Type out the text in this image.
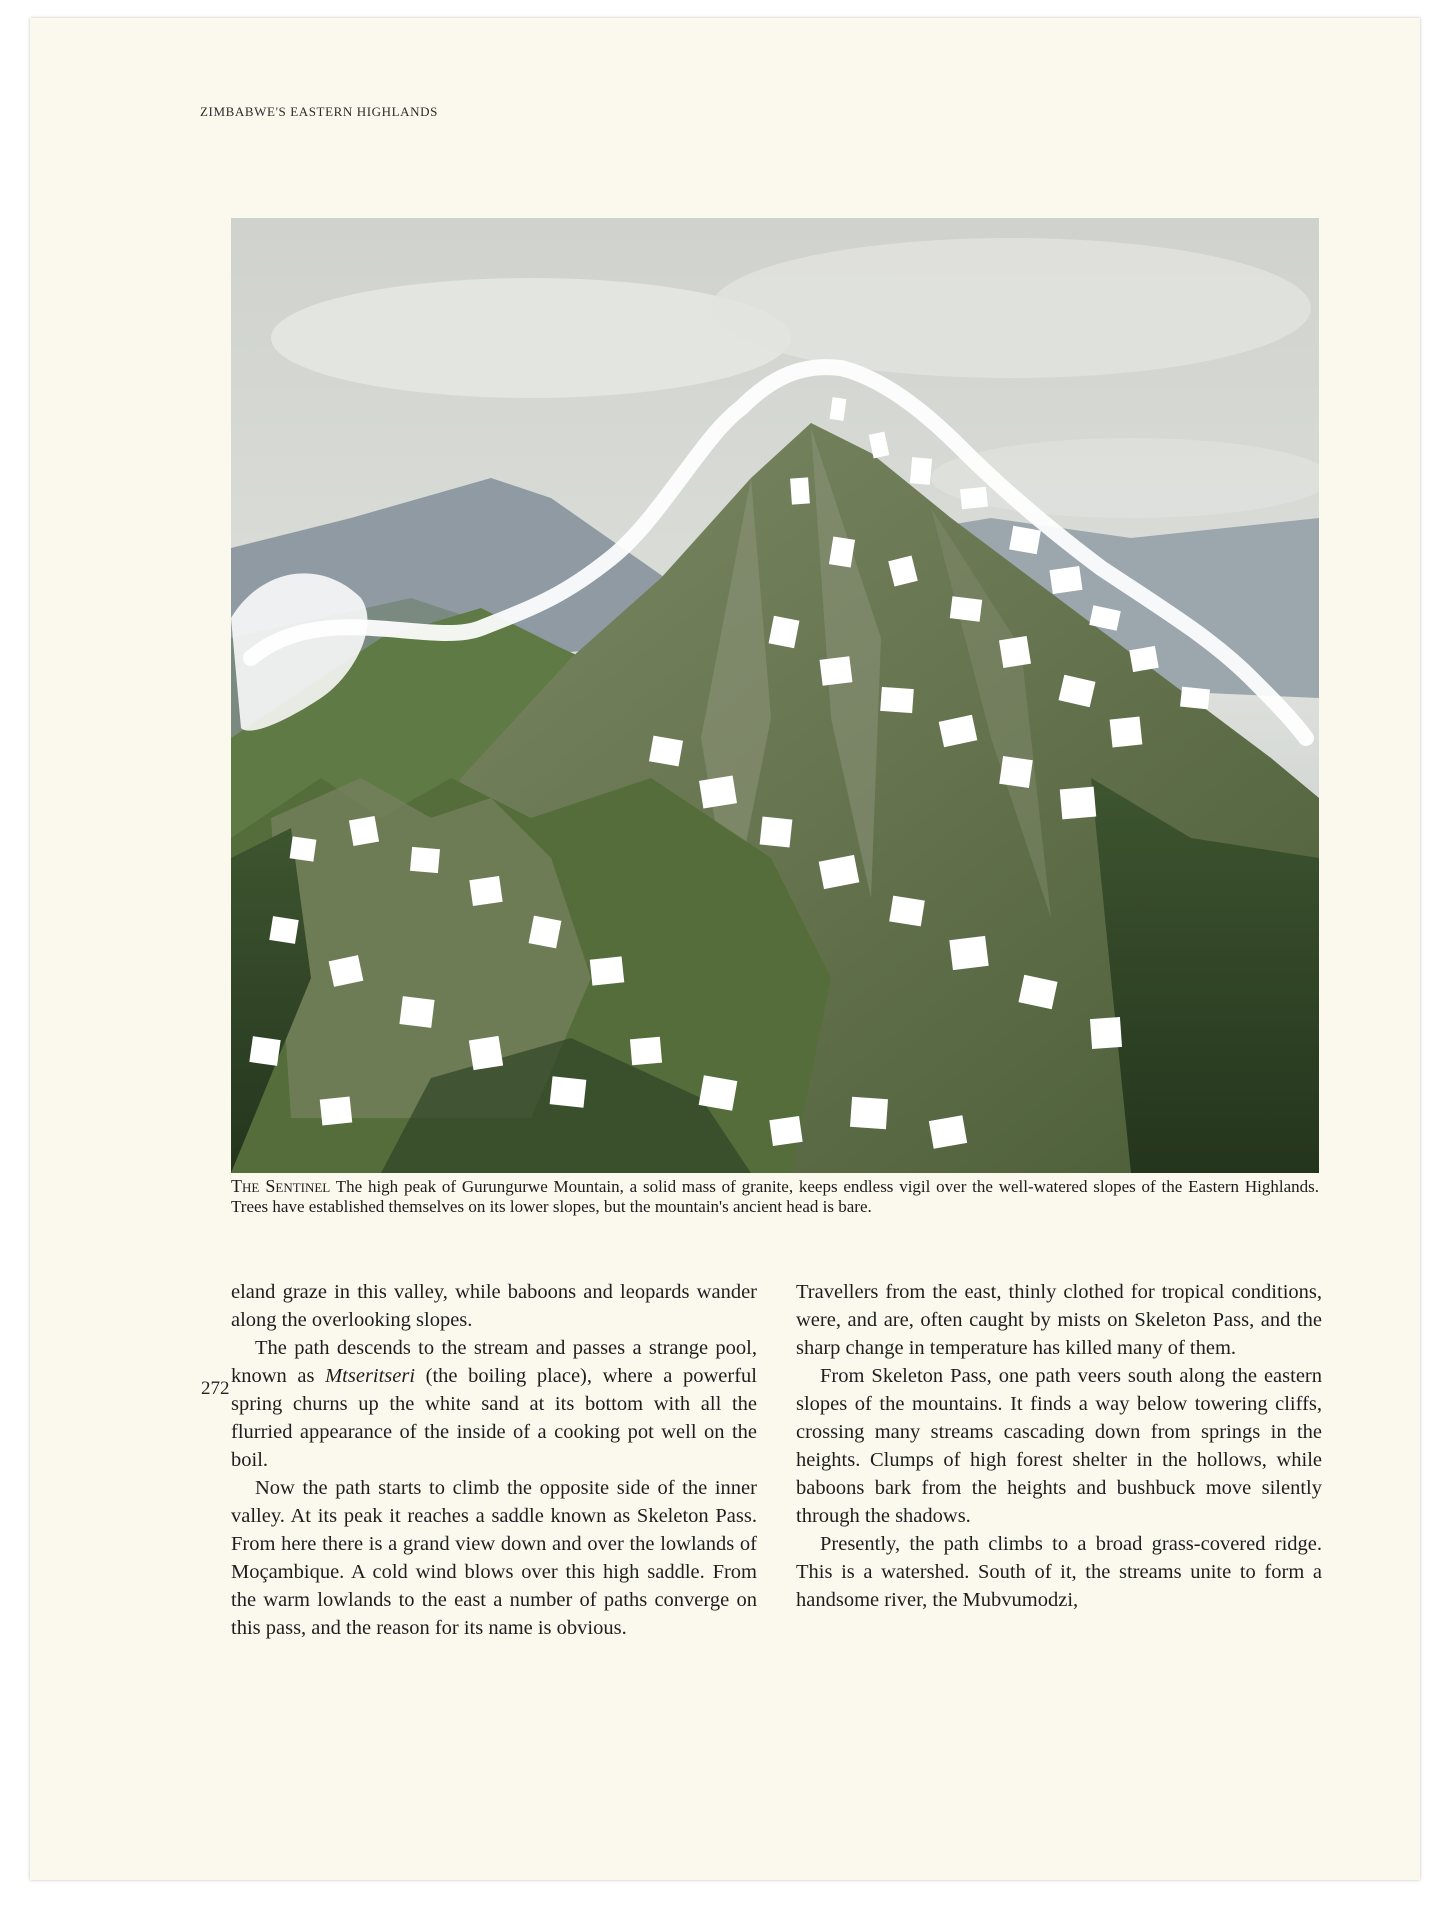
ZIMBABWE'S EASTERN HIGHLANDS
The Sentinel The high peak of Gurungurwe Mountain, a solid mass of granite, keeps endless vigil over the well-watered slopes of the Eastern Highlands. Trees have established themselves on its lower slopes, but the mountain's ancient head is bare.

eland graze in this valley, while baboons and leopards wander along the overlooking slopes.

The path descends to the stream and passes a strange pool, known as Mtseritseri (the boiling place), where a powerful spring churns up the white sand at its bottom with all the flurried appearance of the inside of a cooking pot well on the boil.

Now the path starts to climb the opposite side of the inner valley. At its peak it reaches a saddle known as Skeleton Pass. From here there is a grand view down and over the lowlands of Moçambique. A cold wind blows over this high saddle. From the warm lowlands to the east a number of paths converge on this pass, and the reason for its name is obvious.

Travellers from the east, thinly clothed for tropical conditions, were, and are, often caught by mists on Skeleton Pass, and the sharp change in temperature has killed many of them.

From Skeleton Pass, one path veers south along the eastern slopes of the mountains. It finds a way below towering cliffs, crossing many streams cascading down from springs in the heights. Clumps of high forest shelter in the hollows, while baboons bark from the heights and bushbuck move silently through the shadows.

Presently, the path climbs to a broad grass-covered ridge. This is a watershed. South of it, the streams unite to form a handsome river, the Mubvumodzi,

272
